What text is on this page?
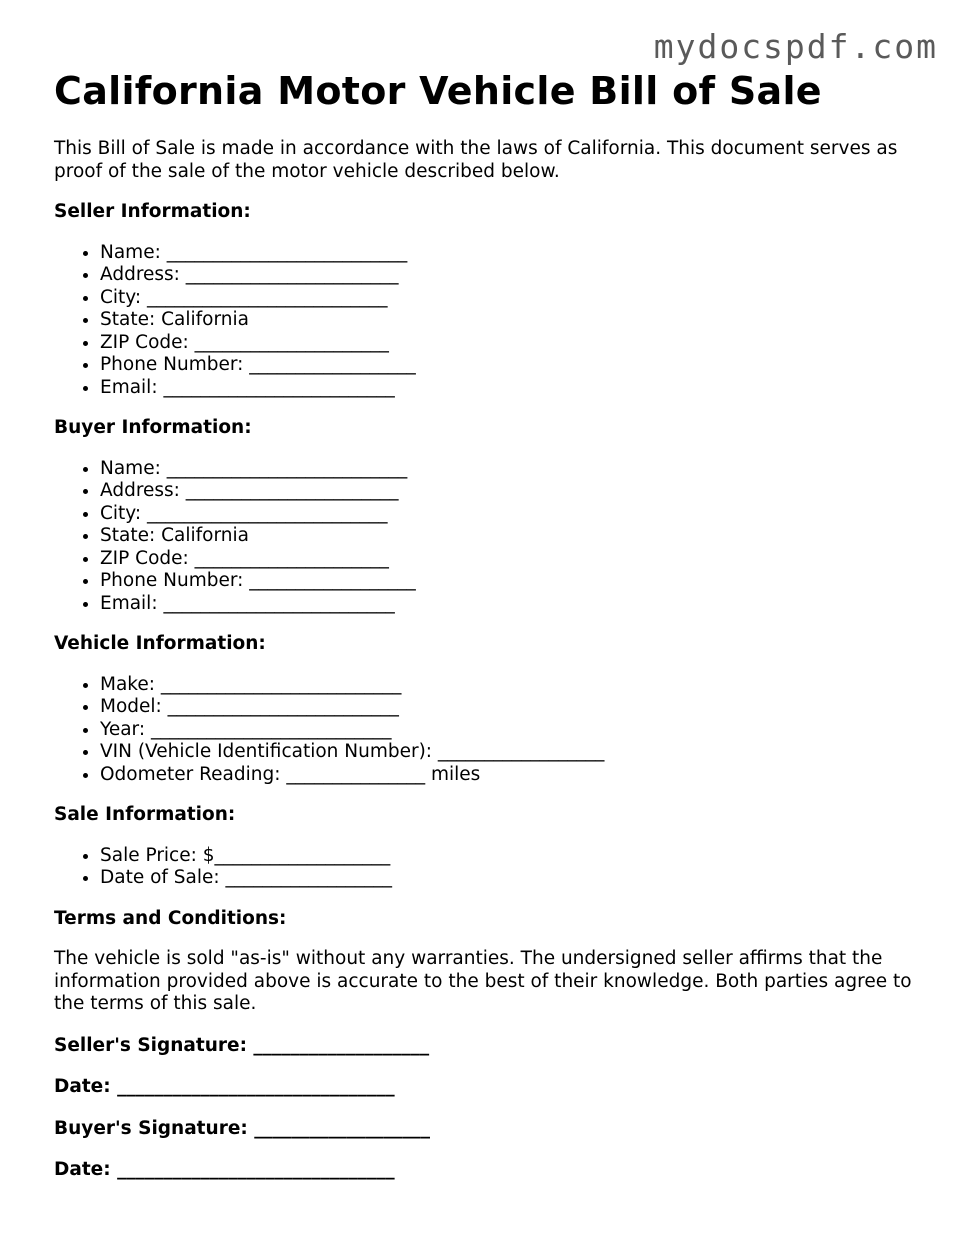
mydocspdf.com
California Motor Vehicle Bill of Sale

This Bill of Sale is made in accordance with the laws of California. This document serves as proof of the sale of the motor vehicle described below.

Seller Information:
• Name: __________________________
• Address: _______________________
• City: __________________________
• State: California
• ZIP Code: _____________________
• Phone Number: __________________
• Email: _________________________
Buyer Information:
• Name: __________________________
• Address: _______________________
• City: __________________________
• State: California
• ZIP Code: _____________________
• Phone Number: __________________
• Email: _________________________
Vehicle Information:
• Make: __________________________
• Model: _________________________
• Year: __________________________
• VIN (Vehicle Identification Number): __________________
• Odometer Reading: _______________ miles
Sale Information:
• Sale Price: $___________________
• Date of Sale: __________________
Terms and Conditions:

The vehicle is sold "as-is" without any warranties. The undersigned seller affirms that the information provided above is accurate to the best of their knowledge. Both parties agree to the terms of this sale.

Seller's Signature: ___________________
Date: ______________________________
Buyer's Signature: ___________________
Date: ______________________________
